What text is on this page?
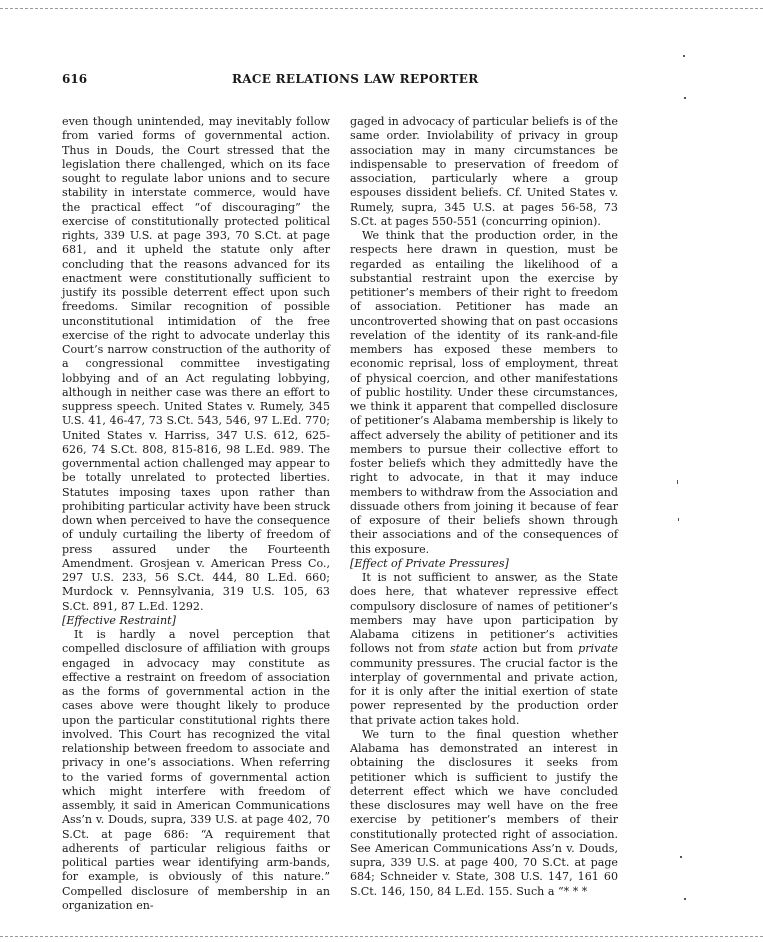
616	RACE RELATIONS LAW REPORTER

even though unintended, may inevitably follow from varied forms of governmental action. Thus in Douds, the Court stressed that the legislation there challenged, which on its face sought to regulate labor unions and to secure stability in interstate commerce, would have the practical effect “of discouraging” the exercise of constitutionally protected political rights, 339 U.S. at page 393, 70 S.Ct. at page 681, and it upheld the statute only after concluding that the reasons advanced for its enactment were constitutionally sufficient to justify its possible deterrent effect upon such freedoms. Similar recognition of possible unconstitutional intimidation of the free exercise of the right to advocate underlay this Court’s narrow construction of the authority of a congressional committee investigating lobbying and of an Act regulating lobbying, although in neither case was there an effort to suppress speech. United States v. Rumely, 345 U.S. 41, 46-47, 73 S.Ct. 543, 546, 97 L.Ed. 770; United States v. Harriss, 347 U.S. 612, 625-626, 74 S.Ct. 808, 815-816, 98 L.Ed. 989. The governmental action challenged may appear to be totally unrelated to protected liberties. Statutes imposing taxes upon rather than prohibiting particular activity have been struck down when perceived to have the consequence of unduly curtailing the liberty of freedom of press assured under the Fourteenth Amendment. Grosjean v. American Press Co., 297 U.S. 233, 56 S.Ct. 444, 80 L.Ed. 660; Murdock v. Pennsylvania, 319 U.S. 105, 63 S.Ct. 891, 87 L.Ed. 1292.

[Effective Restraint]

It is hardly a novel perception that compelled disclosure of affiliation with groups engaged in advocacy may constitute as effective a restraint on freedom of association as the forms of governmental action in the cases above were thought likely to produce upon the particular constitutional rights there involved. This Court has recognized the vital relationship between freedom to associate and privacy in one’s associations. When referring to the varied forms of governmental action which might interfere with freedom of assembly, it said in American Communications Ass’n v. Douds, supra, 339 U.S. at page 402, 70 S.Ct. at page 686: “A requirement that adherents of particular religious faiths or political parties wear identifying arm-bands, for example, is obviously of this nature.” Compelled disclosure of membership in an organization en-

gaged in advocacy of particular beliefs is of the same order. Inviolability of privacy in group association may in many circumstances be indispensable to preservation of freedom of association, particularly where a group espouses dissident beliefs. Cf. United States v. Rumely, supra, 345 U.S. at pages 56-58, 73 S.Ct. at pages 550-551 (concurring opinion).

We think that the production order, in the respects here drawn in question, must be regarded as entailing the likelihood of a substantial restraint upon the exercise by petitioner’s members of their right to freedom of association. Petitioner has made an uncontroverted showing that on past occasions revelation of the identity of its rank-and-file members has exposed these members to economic reprisal, loss of employment, threat of physical coercion, and other manifestations of public hostility. Under these circumstances, we think it apparent that compelled disclosure of petitioner’s Alabama membership is likely to affect adversely the ability of petitioner and its members to pursue their collective effort to foster beliefs which they admittedly have the right to advocate, in that it may induce members to withdraw from the Association and dissuade others from joining it because of fear of exposure of their beliefs shown through their associations and of the consequences of this exposure.

[Effect of Private Pressures]

It is not sufficient to answer, as the State does here, that whatever repressive effect compulsory disclosure of names of petitioner’s members may have upon participation by Alabama citizens in petitioner’s activities follows not from state action but from private community pressures. The crucial factor is the interplay of governmental and private action, for it is only after the initial exertion of state power represented by the production order that private action takes hold.

We turn to the final question whether Alabama has demonstrated an interest in obtaining the disclosures it seeks from petitioner which is sufficient to justify the deterrent effect which we have concluded these disclosures may well have on the free exercise by petitioner’s members of their constitutionally protected right of association. See American Communications Ass’n v. Douds, supra, 339 U.S. at page 400, 70 S.Ct. at page 684; Schneider v. State, 308 U.S. 147, 161 60 S.Ct. 146, 150, 84 L.Ed. 155. Such a “* * *
